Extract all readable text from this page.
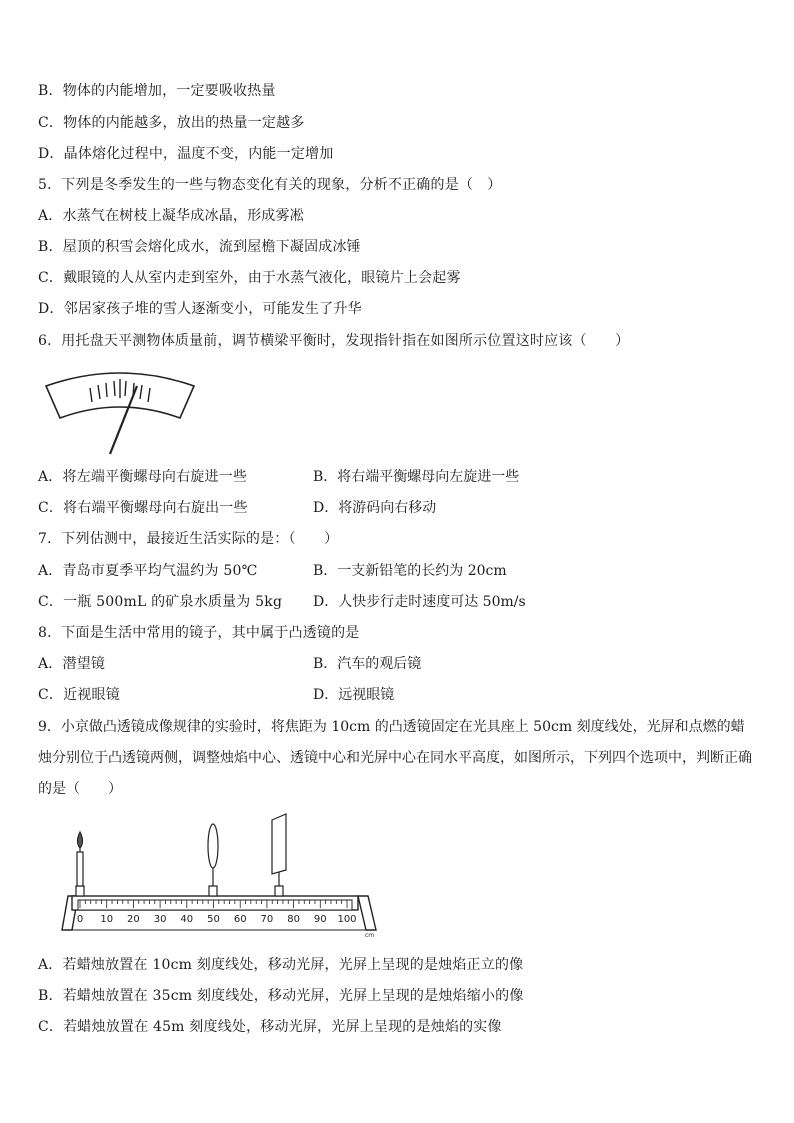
B．物体的内能增加，一定要吸收热量
C．物体的内能越多，放出的热量一定越多
D．晶体熔化过程中，温度不变，内能一定增加
5．下列是冬季发生的一些与物态变化有关的现象，分析不正确的是（　）
A．水蒸气在树枝上凝华成冰晶，形成雾凇
B．屋顶的积雪会熔化成水，流到屋檐下凝固成冰锤
C．戴眼镜的人从室内走到室外，由于水蒸气液化，眼镜片上会起雾
D．邻居家孩子堆的雪人逐渐变小，可能发生了升华
6．用托盘天平测物体质量前，调节横梁平衡时，发现指针指在如图所示位置这时应该（　　）
A．将左端平衡螺母向右旋进一些	B．将右端平衡螺母向左旋进一些
C．将右端平衡螺母向右旋出一些	D．将游码向右移动
7．下列估测中，最接近生活实际的是：（　　）
A．青岛市夏季平均气温约为 50℃	B．一支新铅笔的长约为 20cm
C．一瓶 500mL 的矿泉水质量为 5kg D．人快步行走时速度可达 50m/s
8．下面是生活中常用的镜子，其中属于凸透镜的是
A．潜望镜	B．汽车的观后镜
C．近视眼镜	D．远视眼镜
9．小京做凸透镜成像规律的实验时，将焦距为 10cm 的凸透镜固定在光具座上 50cm 刻度线处，光屏和点燃的蜡烛分别位于凸透镜两侧，调整烛焰中心、透镜中心和光屏中心在同水平高度，如图所示，下列四个选项中，判断正确的是（　　）
0 10 20 30 40 50 60 70 80 90 100
cm
A．若蜡烛放置在 10cm 刻度线处，移动光屏，光屏上呈现的是烛焰正立的像
B．若蜡烛放置在 35cm 刻度线处，移动光屏，光屏上呈现的是烛焰缩小的像
C．若蜡烛放置在 45m 刻度线处，移动光屏，光屏上呈现的是烛焰的实像
